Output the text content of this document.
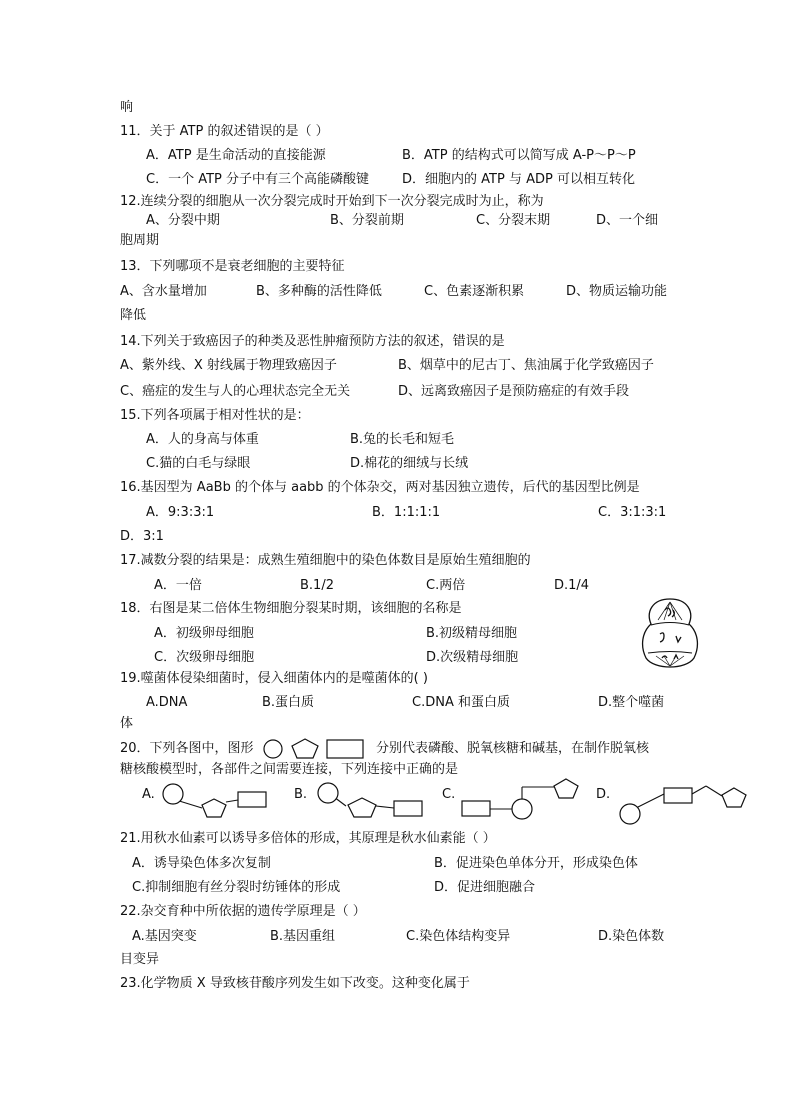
响
11．关于 ATP 的叙述错误的是（ ）
A．ATP 是生命活动的直接能源	B．ATP 的结构式可以简写成 A-P～P～P
C．一个 ATP 分子中有三个高能磷酸键	D．细胞内的 ATP 与 ADP 可以相互转化
12.连续分裂的细胞从一次分裂完成时开始到下一次分裂完成时为止，称为
A、分裂中期	B、分裂前期	C、分裂末期	D、一个细
胞周期
13．下列哪项不是衰老细胞的主要特征
A、含水量增加	B、多种酶的活性降低	C、色素逐渐积累	D、物质运输功能
降低
14.下列关于致癌因子的种类及恶性肿瘤预防方法的叙述，错误的是
A、紫外线、X 射线属于物理致癌因子	B、烟草中的尼古丁、焦油属于化学致癌因子
C、癌症的发生与人的心理状态完全无关	D、远离致癌因子是预防癌症的有效手段
15.下列各项属于相对性状的是：
A．人的身高与体重	B.兔的长毛和短毛
C.猫的白毛与绿眼	D.棉花的细绒与长绒
16.基因型为 AaBb 的个体与 aabb 的个体杂交，两对基因独立遗传，后代的基因型比例是
A．9:3:3:1	B．1:1:1:1	C．3:1:3:1
D．3:1
17.减数分裂的结果是：成熟生殖细胞中的染色体数目是原始生殖细胞的
A．一倍	B.1/2	C.两倍	D.1/4
18．右图是某二倍体生物细胞分裂某时期，该细胞的名称是
A．初级卵母细胞	B.初级精母细胞
C．次级卵母细胞	D.次级精母细胞
19.噬菌体侵染细菌时，侵入细菌体内的是噬菌体的( )
A.DNA	B.蛋白质	C.DNA 和蛋白质	D.整个噬菌
体
20．下列各图中，图形	分别代表磷酸、脱氧核糖和碱基，在制作脱氧核
糖核酸模型时，各部件之间需要连接，下列连接中正确的是
A.	B.	C.	D.
21.用秋水仙素可以诱导多倍体的形成，其原理是秋水仙素能（ ）
A．诱导染色体多次复制	B．促进染色单体分开，形成染色体
C.抑制细胞有丝分裂时纺锤体的形成	D．促进细胞融合
22.杂交育种中所依据的遗传学原理是（ ）
A.基因突变	B.基因重组	C.染色体结构变异	D.染色体数
目变异
23.化学物质 X 导致核苷酸序列发生如下改变。这种变化属于
